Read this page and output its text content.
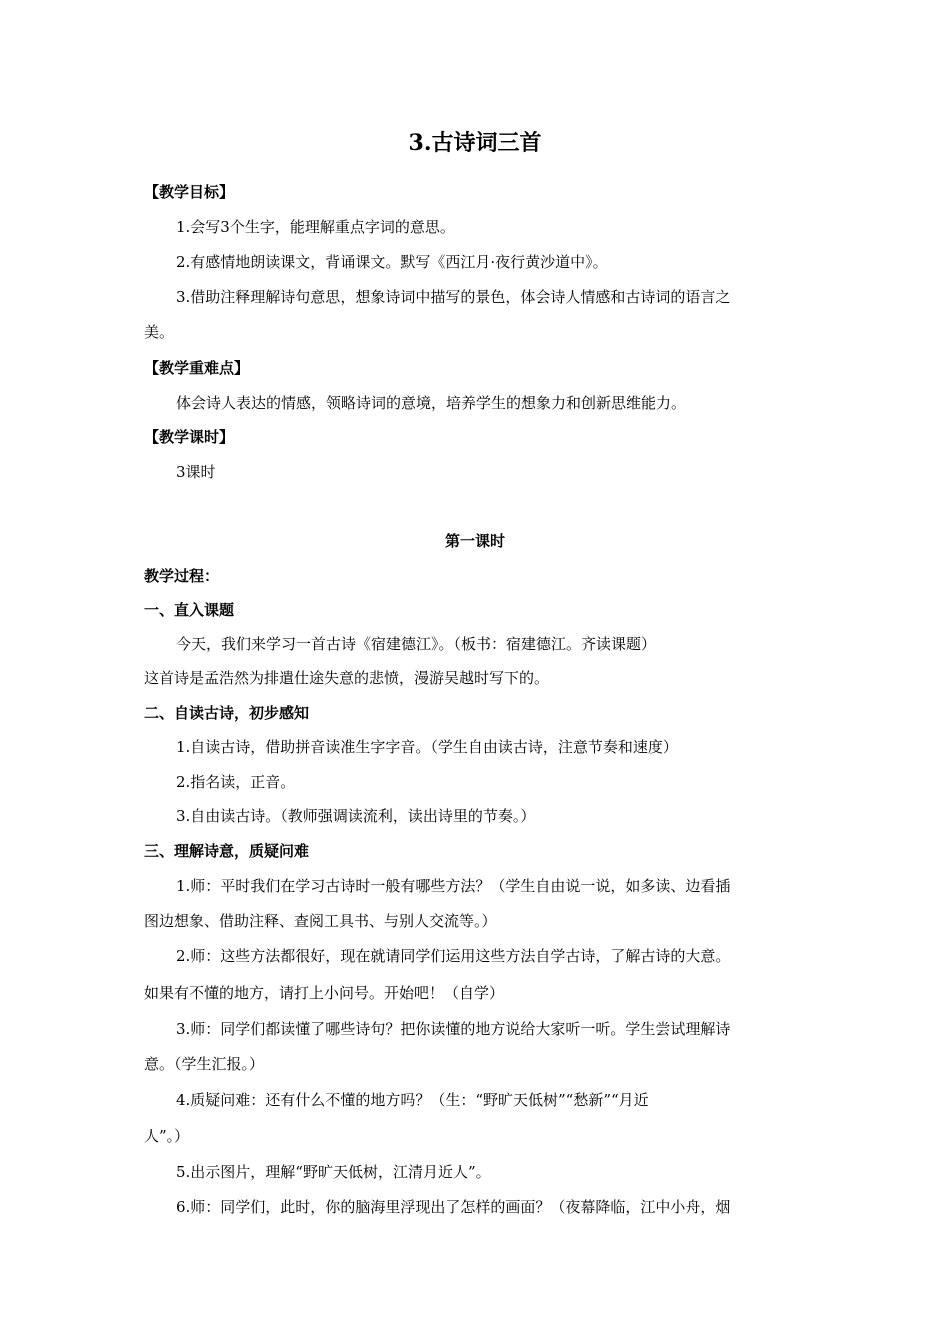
3.古诗词三首
【教学目标】
1.会写3个生字，能理解重点字词的意思。
2.有感情地朗读课文，背诵课文。默写《西江月·夜行黄沙道中》。
3.借助注释理解诗句意思，想象诗词中描写的景色，体会诗人情感和古诗词的语言之
美。
【教学重难点】
体会诗人表达的情感，领略诗词的意境，培养学生的想象力和创新思维能力。
【教学课时】
3课时
第一课时
教学过程：
一、直入课题
今天，我们来学习一首古诗《宿建德江》。（板书：宿建德江。齐读课题）
这首诗是孟浩然为排遣仕途失意的悲愤，漫游吴越时写下的。
二、自读古诗，初步感知
1.自读古诗，借助拼音读准生字字音。（学生自由读古诗，注意节奏和速度）
2.指名读，正音。
3.自由读古诗。（教师强调读流利，读出诗里的节奏。）
三、理解诗意，质疑问难
1.师：平时我们在学习古诗时一般有哪些方法？（学生自由说一说，如多读、边看插
图边想象、借助注释、查阅工具书、与别人交流等。）
2.师：这些方法都很好，现在就请同学们运用这些方法自学古诗，了解古诗的大意。
如果有不懂的地方，请打上小问号。开始吧！（自学）
3.师：同学们都读懂了哪些诗句？把你读懂的地方说给大家听一听。学生尝试理解诗
意。（学生汇报。）
4.质疑问难：还有什么不懂的地方吗？（生：“野旷天低树”“愁新”“月近
人”。）
5.出示图片，理解“野旷天低树，江清月近人”。
6.师：同学们，此时，你的脑海里浮现出了怎样的画面？（夜幕降临，江中小舟，烟
